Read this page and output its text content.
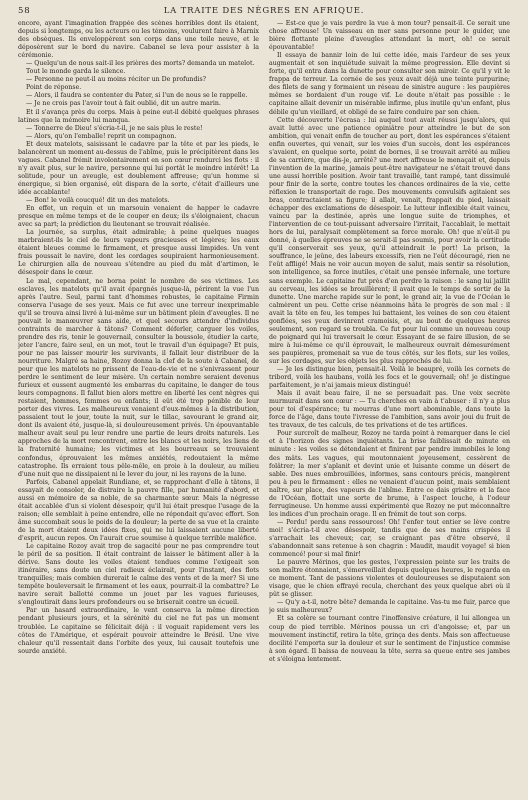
58	LA TRAITE DES NÈGRES EN AFRIQUE.

encore, ayant l'imagination frappée des scènes horribles dont ils étaient, depuis si longtemps, ou les acteurs ou les témoins, voulurent faire à Marnix des obsèques. Ils enveloppèrent son corps dans une toile neuve, et le déposèrent sur le bord du navire. Cabanel se leva pour assister à la cérémonie.

— Quelqu'un de nous sait-il les prières des morts? demanda un matelot.

Tout le monde garda le silence.

— Personne ne peut-il au moins réciter un De profundis?

Point de réponse.

— Alors, il faudra se contenter du Pater, si l'un de nous se le rappelle.

— Je ne crois pas l'avoir tout à fait oublié, dit un autre marin.

Et il s'avança près du corps. Mais à peine eut-il débité quelques phrases latines que la mémoire lui manqua.

— Tonnerre de Dieu! s'écria-t-il, je ne sais plus le reste!

— Alors, qu'on l'emballe! reprit un compagnon.

Et deux matelots, saisissant le cadavre par la tête et par les pieds, le balancèrent un moment au-dessus de l'abîme, puis le précipitèrent dans les vagues. Cabanel frémit involontairement en son cœur rendurci les flots : il n'y avait plus, sur le navire, personne qui lui portât le moindre intérêt! La solitude, pour un aveugle, est doublement affreuse; qu'un homme si énergique, si bien organisé, eût dispara de la sorte, c'était d'ailleurs une idée accablante!

— Bon! le voilà coucqué! dit un des matelots.

En effet, un requin et un marsouin venaient de happer le cadavre presque en même temps et de le couper en deux; ils s'éloignaient, chacun avec sa part; la prédiction du lieutenant se trouvait réalisée.

La journée, sa surplus, était admirable; à peine quelques nuages marbraient-ils le ciel de leurs vapeurs gracieuses et légères; les eaux étaient bleues comme le firmament, et presque aussi limpides. Un vent frais poussait le navire, dont les cordages soupiraient harmonieusement. Le chirurgien alla de nouveau s'étendre au pied du mât d'artimon, le désespoir dans le cœur.

Le mal, cependant, ne borna point le nombre de ses victimes. Les esclaves, les matelots qu'il avait épargnés jusque-là, périrent la vue l'un après l'autre. Seul, parmi tant d'hommes robustes, le capitaine Firmin conserva l'usage de ses yeux. Mais ce fut avec une terreur inexprimable qu'il se trouva ainsi livré à lui-même sur un bâtiment plein d'aveugles. Il ne pouvait le manœuvrer sans aide, et quel secours attendre d'individus contraints de marcher à tâtons? Comment déferler, carguer les voiles, prendre des ris, tenir le gouvernail, consulter la boussole, étudier la carte, jeter l'ancre, faire seul, en un mot, tout le travail d'un équipage? Et puis, pour ne pas laisser mourir les survivants, il fallait leur distribuer de la nourriture. Malgré sa haine, Rozoy donna la clef de la soute à Cabanel, de peur que les matelots ne prissent de l'eau-de-vie et ne s'enivrassent pour perdre le sentiment de leur misère. Un certain nombre seraient devenus furieux et eussent augmenté les embarras du capitaine, le danger de tous leurs compagnons. Il fallut bien alors mettre en liberté les cent nègres qui restaient, hommes, femmes ou enfants; il eût été trop pénible de leur porter des vivres. Les malheureux venaient d'eux-mêmes à la distribution, passaient tout le jour, toute la nuit, sur le tillac, savourant le grand air, dont ils avaient été, jusque-là, si douloureusement privés. Un épouvantable malheur avait seul pu leur rendre une partie de leurs droits naturels. Les approches de la mort rencontrent, entre les blancs et les noirs, les liens de la fraternité humaine; les victimes et les bourreaux se trouvaient confondus, éprouvaient les mêmes anxiétés, redoutaient la même catastrophe. Ils erraient tous pêle-mêle, en proie à la douleur, au milieu d'une nuit que ne dissipaient ni le lever du jour, ni les rayons de la lune.

Parfois, Cabanel appelait Rundiane, et, se rapprochant d'elle à tâtons, il essayait de consoler, de distraire la pauvre fille, par humanité d'abord, et aussi en mémoire de sa noble, de sa charmante sœur. Mais la négresse était accablée d'un si violent désespoir, qu'il lui était presque l'usage de la raison; elle semblait à peine entendre, elle ne répondait qu'avec effort. Son âme succombait sous le poids de la douleur; la perte de sa vue et la crainte de la mort étaient deux idées fixes, qui ne lui laissaient aucune liberté d'esprit, aucun repos. On l'aurait crue soumise à quelque terrible maléfice.

Le capitaine Rozoy avait trop de sagacité pour ne pas comprendre tout le péril de sa position. Il était contraint de laisser le bâtiment aller à la dérive. Sans doute les voiles étaient tendues comme l'exigeait son itinéraire, sans doute un ciel radieux éclairait, pour l'instant, des flots tranquilles; mais combien durerait le calme des vents et de la mer? Si une tempête bouleversait le firmament et les eaux, pourrait-il la combattre? Le navire serait ballotté comme un jouet par les vagues furieuses, s'engloutirait dans leurs profondeurs ou se briserait contre un écueil.

Par un hasard extraordinaire, le vent conserva la même direction pendant plusieurs jours, et la sérénité du ciel ne fut pas un moment troublée. Le capitaine se félicitait déjà : il voguait rapidement vers les côtes de l'Amérique, et espérait pouvoir atteindre le Brésil. Une vive chaleur qu'il ressentait dans l'orbite des yeux, lui causait toutefois une sourde anxiété.

— Est-ce que je vais perdre la vue à mon tour? pensait-il. Ce serait une chose affreuse! Un vaisseau en mer sans personne pour le guider, une bière flottante pleine d'aveugles attendant la mort, oh! ce serait épouvantable!

Il essaya de bannir loin de lui cette idée, mais l'ardeur de ses yeux augmentait et son inquiétude suivait la même progression. Elle devint si forte, qu'il entra dans la dunette pour consulter son miroir. Ce qu'il y vit le frappa de terreur. La cornée de ses yeux avait déjà une teinte purpurine; des filets de sang y formaient un réseau de sinistre augure : les paupières mêmes se bordaient d'un rouge vif. Le doute n'était pas possible : le capitaine allait devenir un misérable infirme, plus inutile qu'un enfant, plus débile qu'un vieillard, et obligé de se faire conduire par son chien.

Cette découverte l'écrasa : lui auquel tout avait réussi jusqu'alors, qui avait lutté avec une patience opiniâtre pour atteindre le but de son ambition, qui venait enfin de toucher au port, dont les espérances s'étaient enfin ouvertes, qui venait, sur les voies d'un succès, dont les espérances s'avaient, en quelque sorte, point de bornes, il se trouvait arrêté au milieu de sa carrière, que dis-je, arrêté? une mort affreuse le menaçait et, depuis l'invention de la marine, jamais peut-être navigateur ne s'était trouvé dans une aussi horrible position. Avoir tant travaillé, tant rampé, tant dissimulé pour finir de la sorte, contre toutes les chances ordinaires de la vie, cette réflexion le transportait de rage. Des mouvements convulsifs agitaient ses bras, contractaient sa figure; il allait, venait, frappait du pied, laissait échapper des exclamations de désespoir. Le lutteur inflexible était vaincu, vaincu par la destinée, après une longue suite de triomphes, et l'intervention de ce tout-puissant adversaire l'irritait, l'accablait, le mettait hors de lui, paralysait complètement sa force morale. Oh! que n'eût-il pu donné, à quelles épreuves ne se serait-il pas soumis, pour avoir la certitude qu'il conserverait ses yeux, qu'il atteindrait le port! La prison, la souffrance, le jeûne, des labeurs excessifs, rien ne l'eût découragé, rien ne l'eût affligé! Mais ne voir aucun moyen de salut, mais sentir sa résolution, son intelligence, sa force inutiles, c'était une pensée infernale, une torture sans exemple. Le capitaine fut près d'en perdre la raison : le sang lui jaillit au cerveau, les idées se brouillèrent; il avait que le temps de sortir de la dunette. Une marche rapide sur le pont, le grand air, la vue de l'Océan le calmèrent un peu. Cette crise néanmoins hâta le progrès de son mal : il avait la tête en feu, les tempes lui battaient, les veines de son cou étaient gonflées, ses yeux devinrent cramoisis, et, au bout de quelques heures seulement, son regard se troubla. Ce fut pour lui comme un nouveau coup de poignard qui lui traversait le cœur. Essayant de se faire illusion, de se mire à lui-même ce qu'il éprouvait, le malheureux ouvrait démesurément ses paupières, promenait sa vue de tous côtés, sur les flots, sur les voiles, sur les cordages, sur les objets les plus rapprochés de lui.

— Je les distingue bien, pensait-il. Voilà le beaupré, voilà les cornets de tribord, voilà les haubans, voilà les focs et le gouvernail; oh! je distingue parfaitement, je n'ai jamais mieux distingué!

Mais il avait beau faire, il ne se persuadait pas. Une voix secrète murmurait dans son cœur : — Tu cherches en vain à t'abuser : il n'y a plus pour toi d'espérance; tu mourras d'une mort abominable, dans toute la force de l'âge, dans toute l'ivresse de l'ambition, sans avoir joui du fruit de tes travaux, de tes calculs, de tes privations et de tes artifices.

Pour surcroît de malheur, Rozoy ne tarda point à remarquer dans le ciel et à l'horizon des signes inquiétants. La brise faiblissait de minute en minute : les voiles se détendaient et finirent par pendre immobiles le long des mâts. Les vagues, qui moutonnaient joyeusement, cessèrent de folâtrer; la mer s'aplanit et devint unie et luisante comme un désert de sable. Des nues embrouillées, informes, sans contours précis, mangèrent peu à peu le firmament : elles ne venaient d'aucun point, mais semblaient naître, sur place, des vapeurs de l'abîme. Entre ce dais grisâtre et la face de l'Océan, flottait une sorte de brume, à l'aspect louche, à l'odeur ferrugineuse. Un homme aussi expérimenté que Rozoy ne put méconnaître les indices d'un prochain orage. Il en frémit de tout son corps.

— Perdu! perdu sans ressources! Oh! l'enfer tout entier se lève contre moi! s'écria-t-il avec désespoir, tandis que de ses mains crispées il s'arrachait les cheveux; car, se craignant pas d'être observé, il s'abandonnait sans retenue à son chagrin : Maudit, maudit voyage! si bien commencé! pour si mal finir!

Le pauvre Mérinos, que les gestes, l'expression peinte sur les traits de son maître étonnaient, s'émerveillait depuis quelques heures, le regarda en ce moment. Tant de passions violentes et douloureuses se disputaient son visage, que le chien effrayé recula, cherchant des yeux quelque abri où il pût se glisser.

— Qu'y a-t-il, notre bête? demanda le capitaine. Vas-tu me fuir, parce que je suis malheureux?

Et sa colère se tournant contre l'inoffensive créature, il lui allongea un coup de pied terrible. Mérinos poussa un cri d'angoisse; et, par un mouvement instinctif, retira la tête, grinça des dents. Mais son affectueuse docilité l'emporta sur la douleur et sur le sentiment de l'injustice commise à son égard. Il baissa de nouveau la tête, serra sa queue entre ses jambes et s'éloigna lentement.
